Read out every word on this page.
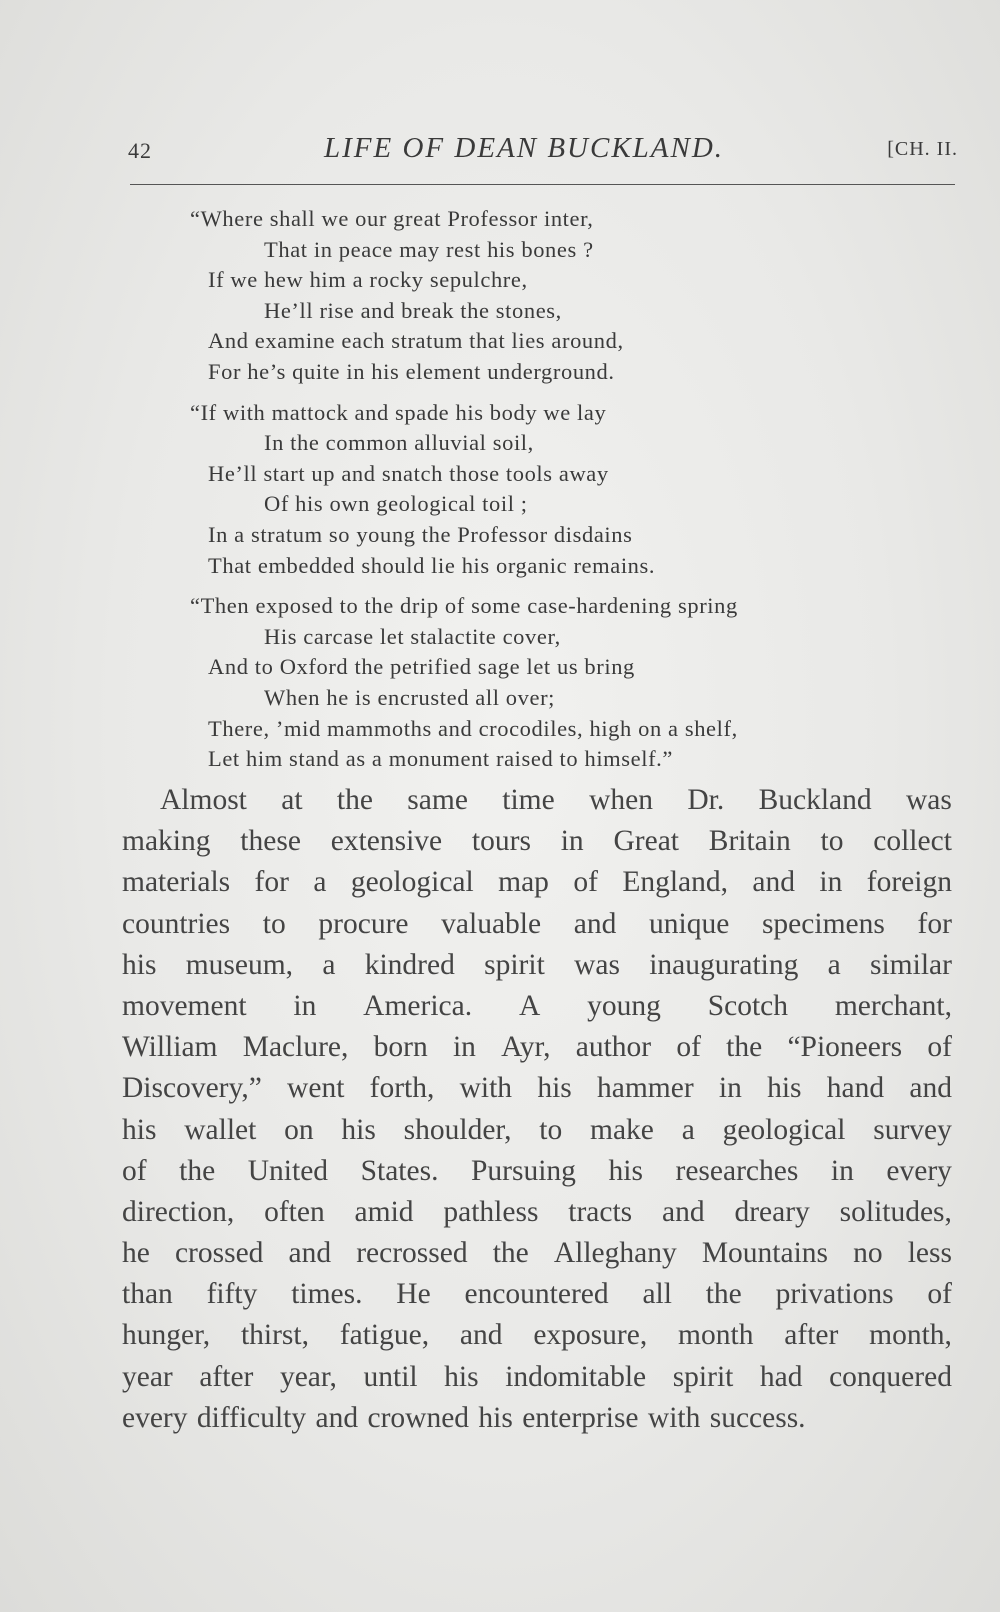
42	LIFE OF DEAN BUCKLAND.	[CH. II.
“Where shall we our great Professor inter,
That in peace may rest his bones ?
If we hew him a rocky sepulchre,
He’ll rise and break the stones,
And examine each stratum that lies around,
For he’s quite in his element underground.
“If with mattock and spade his body we lay
In the common alluvial soil,
He’ll start up and snatch those tools away
Of his own geological toil ;
In a stratum so young the Professor disdains
That embedded should lie his organic remains.
“Then exposed to the drip of some case-hardening spring
His carcase let stalactite cover,
And to Oxford the petrified sage let us bring
When he is encrusted all over;
There, ’mid mammoths and crocodiles, high on a shelf,
Let him stand as a monument raised to himself.”
Almost at the same time when Dr. Buckland was
making these extensive tours in Great Britain to collect
materials for a geological map of England, and in foreign
countries to procure valuable and unique specimens for
his museum, a kindred spirit was inaugurating a similar
movement in America. A young Scotch merchant,
William Maclure, born in Ayr, author of the “Pioneers of
Discovery,” went forth, with his hammer in his hand and
his wallet on his shoulder, to make a geological survey
of the United States. Pursuing his researches in every
direction, often amid pathless tracts and dreary solitudes,
he crossed and recrossed the Alleghany Mountains no less
than fifty times. He encountered all the privations of
hunger, thirst, fatigue, and exposure, month after month,
year after year, until his indomitable spirit had conquered
every difficulty and crowned his enterprise with success.
